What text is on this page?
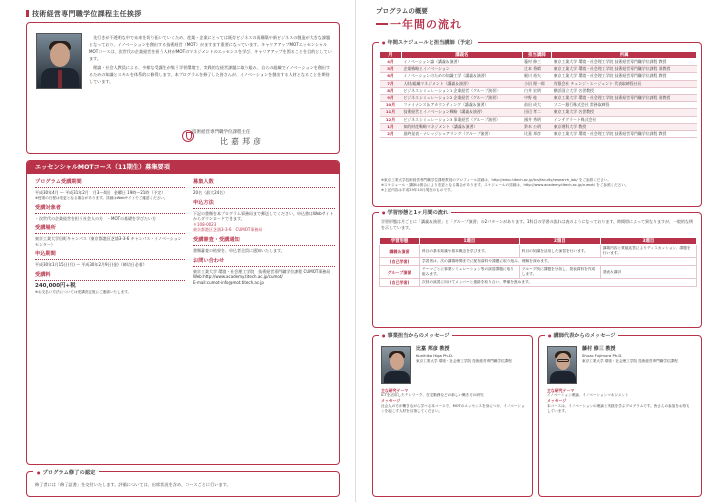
技術経営専門職学位課程主任挨拶

先行きが不透明な中で未来を切り拓いていくため、産業・企業にとっては既存ビジネスの再構築や新ビジネスの創造が大きな課題となっており、イノベーションを創出する技術経営（MOT）がますます重要になっています。キャリアアップMOTエッセンシャルMOTコースは、次世代の企業経営を担う人材がMOTのマネジメントのエッセンスを学び、キャリアアップを図ることを目的としています。

理論・社会人教員による、多様な受講生が集う学習環境で、実践的な経営課題に取り組み、自らの組織でイノベーションを創出するための知識とスキルを体系的に修得します。本プログラムを修了した皆さんが、イノベーションを創出する人材となることを期待しています。

技術経営専門職学位課程主任
比嘉邦彦
エッセンシャルMOTコース（11期生）募集要項
プログラム受講期間

平成30年4月 ～ 平成31年2月　月3～4回　金曜日 19時～21時（予定）

※授業の日程は変更となる場合があります。詳細はWebサイトでご確認ください。

受講対象者

・次世代の企業経営を担う社会人の方　・MOTの基礎を学びたい方

受講場所

東京工業大学田町キャンパス（東京都港区芝浦3-3-6 キャンパス・イノベーションセンター）

申込期間

平成30年1月15日(月) ～ 平成30年2月9日(金)（締切日必着）

受講料

240,000円+税

※お支払い方法については受講決定後にご連絡いたします。

募集人数

20名（最大24名）

申込方法

下記の書類を本プログラム事務局まで郵送してください。申込書はWebサイトからダウンロードできます。

〒108-0023

東京都港区芝浦3-3-6　CUMOT事務局

受講審査・受講通知

書類審査の結果を、申込者全員に通知いたします。

お問い合わせ

東京工業大学 環境・社会理工学院　技術経営専門職学位課程 CUMOT事務局

Web:http://www.academy.titech.ac.jp/cumot/

E-mail:cumot-info@mot.titech.ac.jp

● プログラム修了の認定
修了者には「修了証書」を交付いたします。評価については、出席状況を含め、コースごとに行います。
プログラムの概要
一年間の流れ
● 年間スケジュールと担当講師（予定）
月	講義名	担当講師	所属
4月	イノベーション論（講義＆演習）	藤村 修三	東京工業大学 環境・社会理工学院 技術経営専門職学位課程 教授
5月	企業戦略とイノベーション	辻本 将晴	東京工業大学 環境・社会理工学院 技術経営専門職学位課程 准教授
6月	イノベーションのための知識工学（講義＆演習）	梶川 裕矢	東京工業大学 環境・社会理工学院 技術経営専門職学位課程 教授
7月	人財/組織マネジメント（講義＆演習）	小田 理一郎	有限会社 チェンジ・エージェント 代表取締役社長
8月	ビジネスシミュレーション1 企業経営（グループ演習）	白井 宏明	横浜国立大学 名誉教授
9月	ビジネスシミュレーション2 企業経営（グループ演習）	中野 桂	東京工業大学 環境・社会理工学院 技術経営専門職学位課程 准教授
10月	ファイナンス＆アカウンティング（講義＆演習）	前田 成大	ソニー銀行株式会社 常務取締役
11月	技術経営とイノベーション戦略（講義＆演習）	田辺 孝二	東京工業大学 名誉教授
12月	ビジネスシミュレーション3 事業経営（グループ演習）	國井 秀明	インテグラート株式会社
1月	知的財産戦略マネジメント（講義＆演習）	鈴木 公明	東京理科大学 教授
2月	最終発表・ナレッジシェアリング（グループ演習）	比嘉 邦彦	東京工業大学 環境・社会理工学院 技術経営専門職学位課程 教授
※東京工業大学技術経営専門職学位課程教員のプロフィール詳細は、http://educ.titech.ac.jp/tcs/faculty/research_lab/ をご参照ください。
※スケジュール・講師は都合により変更となる場合があります。スケジュールの詳細は、http://www.academy.titech.ac.jp/cumot/ をご参照ください。
※上記内容は平成29年10月現在のものです。
● 学習形態と1ヶ月間の流れ
学習形態は月ごとに「講義＆演習」と「グループ演習」の2パターンがあります。1科目の学習の流れは表のようになっております。時間帯によって異なりますが、一般的な例を示しています。
学習形態	1週目	2週目	3週目
講義＆演習	科目の基本知識や基本概念を学びます。	科目の知識を活用した演習を行います。	講義内容と質疑応答によりディスカッション、課題を行います。
(自己学習)	学習者は、次の講義時間までに配布資料や課題に取り組み、理解を深めます。		
グループ演習	テーマごとに事業シミュレーション等の演習課題に取り組みます。	グループ別に課題を分担し、発表資料を作成します。	発表＆講評
(自己学習)	次回の演習に向けてメンバーと連絡を取り合い、準備を進めます。		
● 事業担当からのメッセージ
比嘉 邦彦 教授
Kunihiko Higa Ph.D.
東京工業大学 環境・社会理工学院 技術経営専門職学位課程
主な研究テーマ
ICTを活用したテレワーク、在宅勤務などの新しい働き方の研究
メッセージ
社会人の方が働きながら学べる本コースで、MOTのエッセンスを身につけ、イノベーションを起こす人材を目指してください。
● 講師代表からのメッセージ
藤村 修三 教授
Shuzo Fujimura Ph.D.
東京工業大学 環境・社会理工学院 技術経営専門職学位課程
主な研究テーマ
イノベーション理論、イノベーションマネジメント
メッセージ
本コースは、イノベーションの理論と実践を学ぶプログラムです。皆さんの参加をお待ちしています。
